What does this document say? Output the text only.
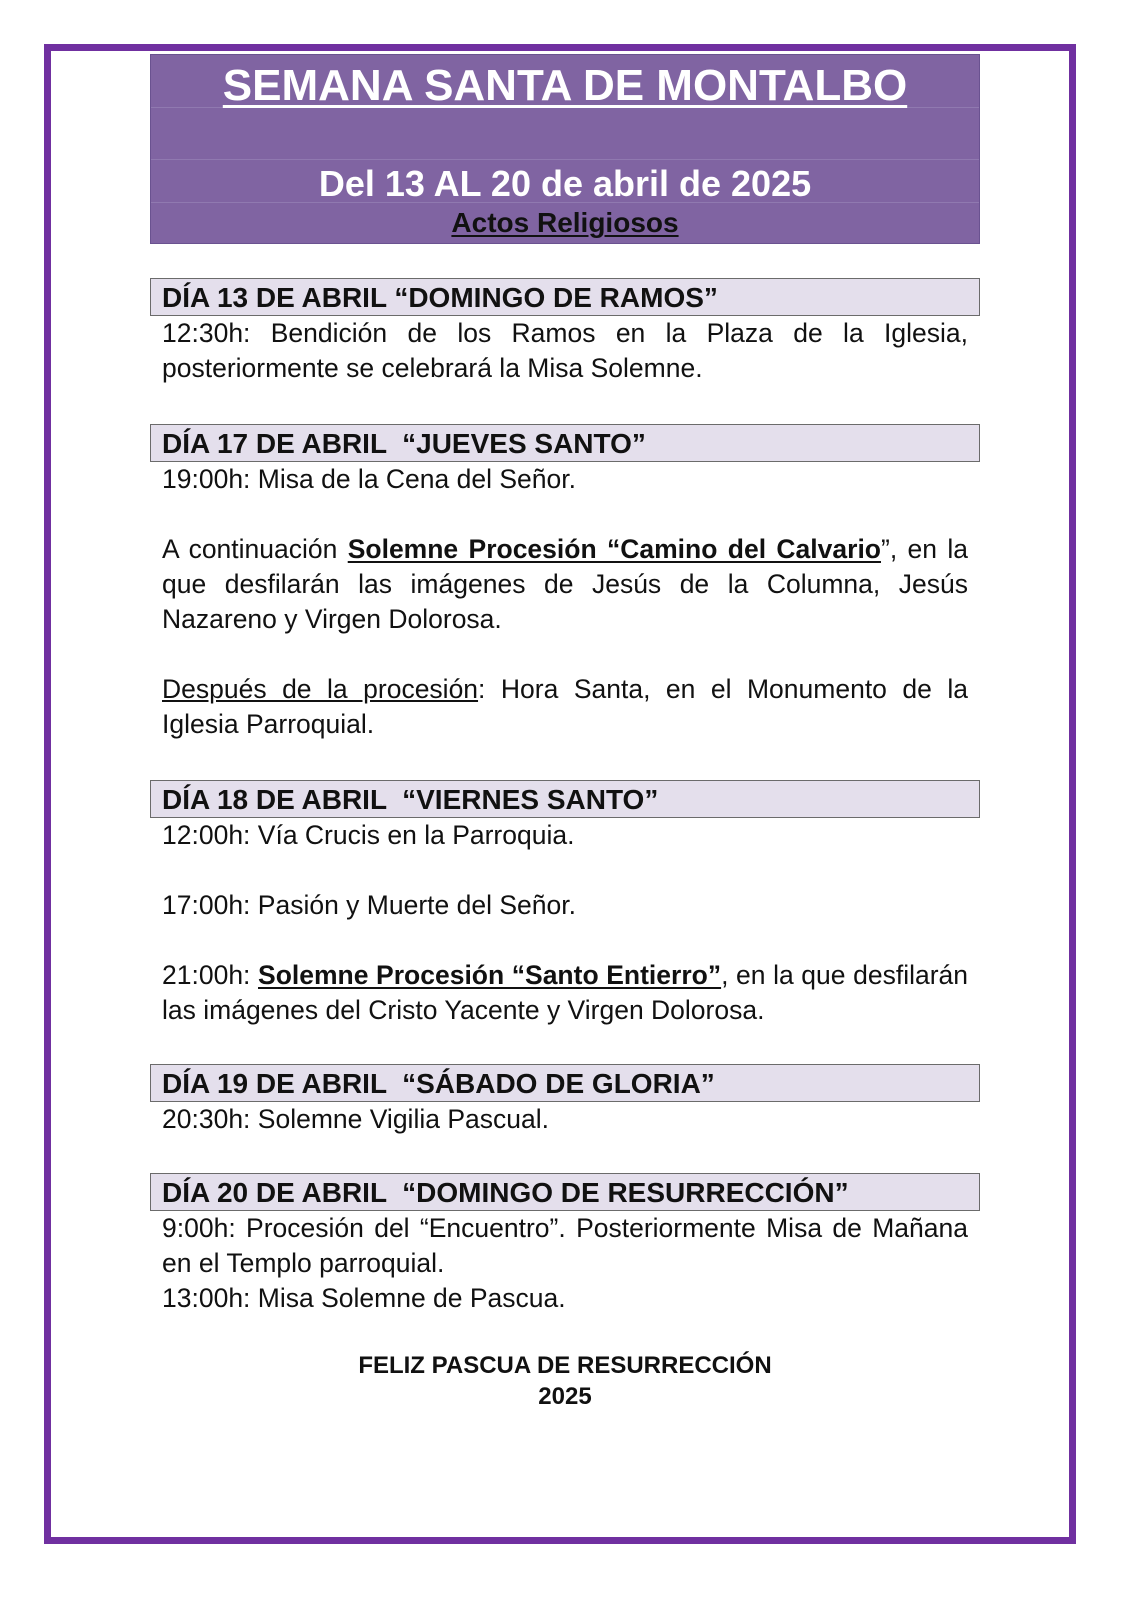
SEMANA SANTA DE MONTALBO
Del 13 AL 20 de abril de 2025
Actos Religiosos
DÍA 13 DE ABRIL “DOMINGO DE RAMOS”

12:30h: Bendición de los Ramos en la Plaza de la Iglesia, posteriormente se celebrará la Misa Solemne.

DÍA 17 DE ABRIL  “JUEVES SANTO”

19:00h: Misa de la Cena del Señor.

A continuación Solemne Procesión “Camino del Calvario”, en la que desfilarán las imágenes de Jesús de la Columna, Jesús Nazareno y Virgen Dolorosa.

Después de la procesión: Hora Santa, en el Monumento de la Iglesia Parroquial.

DÍA 18 DE ABRIL  “VIERNES SANTO”

12:00h: Vía Crucis en la Parroquia.

17:00h: Pasión y Muerte del Señor.

21:00h: Solemne Procesión “Santo Entierro”, en la que desfilarán las imágenes del Cristo Yacente y Virgen Dolorosa.

DÍA 19 DE ABRIL  “SÁBADO DE GLORIA”

20:30h: Solemne Vigilia Pascual.

DÍA 20 DE ABRIL  “DOMINGO DE RESURRECCIÓN”

9:00h: Procesión del “Encuentro”. Posteriormente Misa de Mañana en el Templo parroquial.

13:00h: Misa Solemne de Pascua.

FELIZ PASCUA DE RESURRECCIÓN
2025
